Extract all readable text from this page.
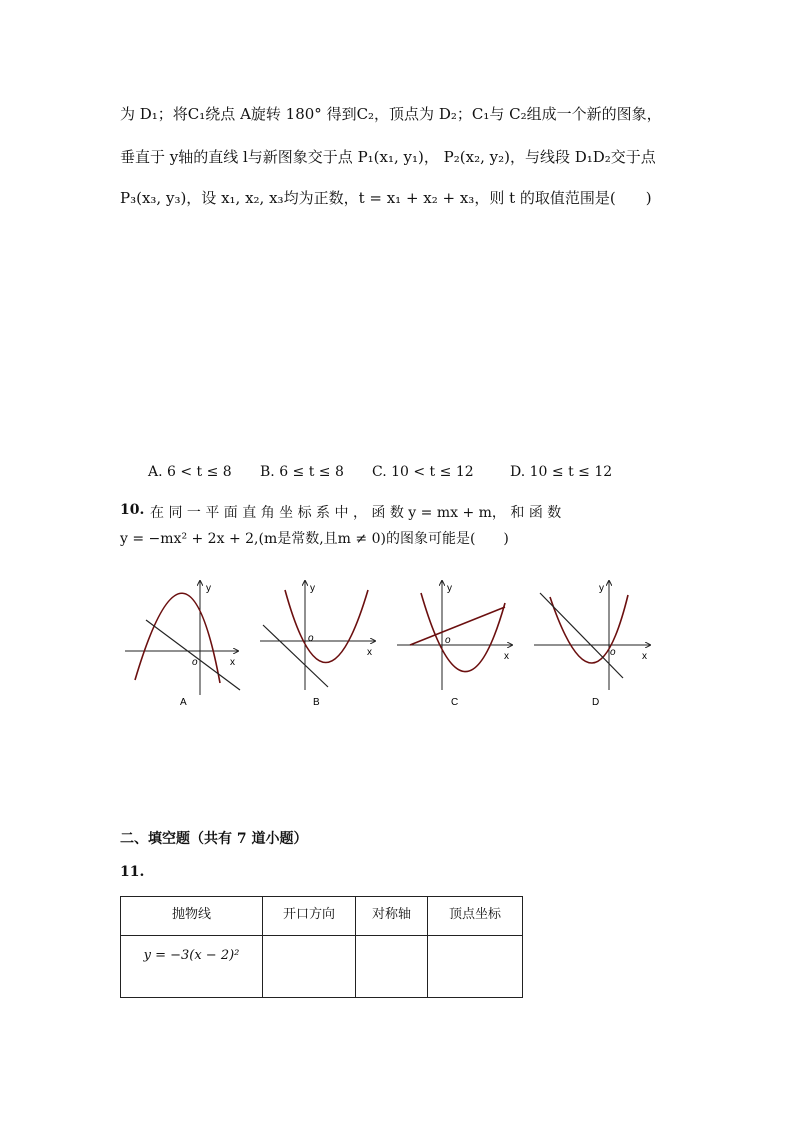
为 D₁；将C₁绕点 A旋转 180° 得到C₂，顶点为 D₂；C₁与 C₂组成一个新的图象，
垂直于 y轴的直线 l与新图象交于点 P₁(x₁, y₁)， P₂(x₂, y₂)，与线段 D₁D₂交于点
P₃(x₃, y₃)，设 x₁, x₂, x₃均为正数，t = x₁ + x₂ + x₃，则 t 的取值范围是(　　)
A. 6 < t ≤ 8 B. 6 ≤ t ≤ 8 C. 10 < t ≤ 12	D. 10 ≤ t ≤ 12
10. 在 同 一 平 面 直 角 坐 标 系 中 ， 函 数 y = mx + m， 和 函 数
y = −mx² + 2x + 2,(m是常数,且m ≠ 0)的图象可能是(　　)
y
x
o
A
y
x
o
B
y
x
o
C
y
x
o
D
二、填空题（共有 7 道小题）
11.
抛物线	开口方向	对称轴	顶点坐标
y = −3(x − 2)²			
